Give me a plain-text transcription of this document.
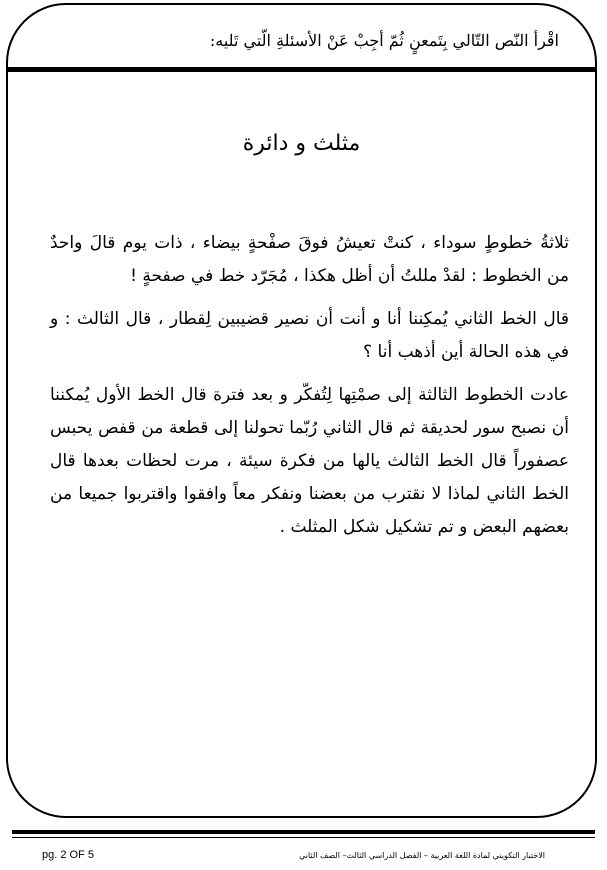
اقْرأ النّص التّالي بِتَمعنٍ ثُمّ أجِبْ عَنْ الأسئلةِ الّتي تَليه:
مثلث و دائرة

ثلاثةُ خطوطٍ سوداء ، كنتْ تعيشُ فوقَ صفْحةٍ بيضاء ، ذات يوم قالَ واحدٌ من الخطوط : لقدْ مللتُ أن أظل هكذا ، مُجَرّد خط في صفحةٍ !

قال الخط الثاني يُمكِننا أنا و أنت أن نصير قضيبين لِقطار ، قال الثالث : و في هذه الحالة أين أذهب أنا ؟

عادت الخطوط الثالثة إلى صمْتِها لِتُفكّر و بعد فترة قال الخط الأول يُمكننا أن نصبح سور لحديقة ثم قال الثاني رُبّما تحولنا إلى قطعة من قفص يحبس عصفوراً قال الخط الثالث يالها من فكرة سيئة ، مرت لحظات بعدها قال الخط الثاني لماذا لا نقترب من بعضنا ونفكر معاً وافقوا واقتربوا جميعا من بعضهم البعض و تم تشكيل شكل المثلث .

الاختبار التكويني لمادة اللغة العربية – الفصل الدراسي الثالث– الصف الثاني
pg. 2 OF 5
